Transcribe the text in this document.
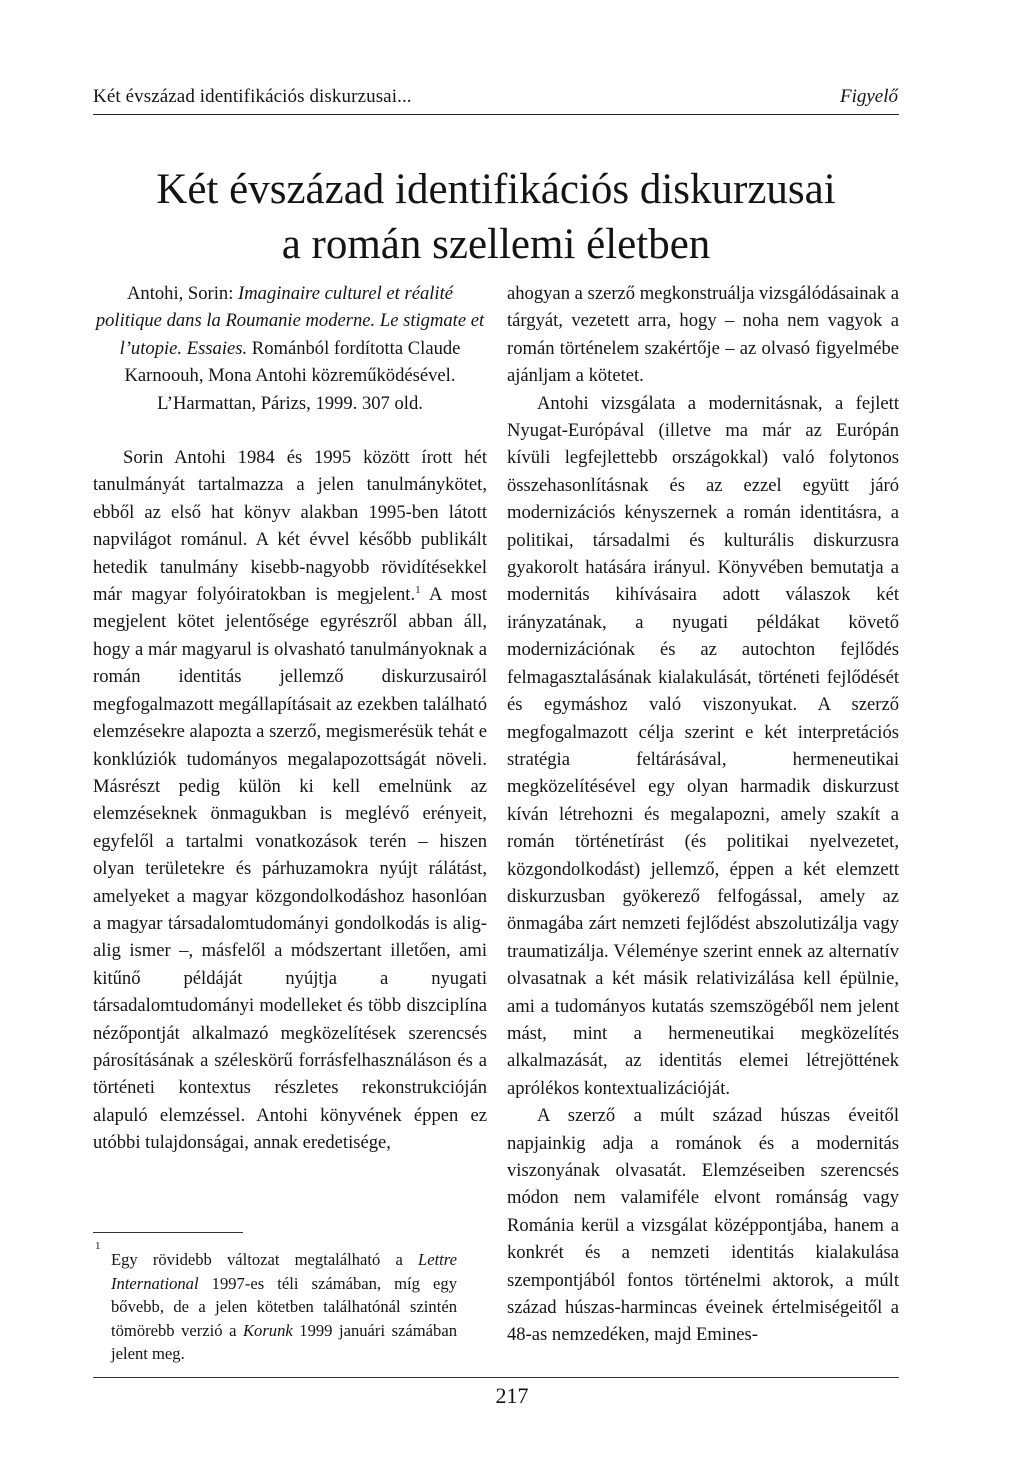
Két évszázad identifikációs diskurzusai...	Figyelő
Két évszázad identifikációs diskurzusai
a román szellemi életben

Antohi, Sorin: Imaginaire culturel et réalité politique dans la Roumanie moderne. Le stigmate et l’utopie. Essaies. Románból fordította Claude Karnoouh, Mona Antohi közreműködésével. L’Harmattan, Párizs, 1999. 307 old.

Sorin Antohi 1984 és 1995 között írott hét tanulmányát tartalmazza a jelen tanulmánykötet, ebből az első hat könyv alakban 1995-ben látott napvilágot románul. A két évvel később publikált hetedik tanulmány kisebb-nagyobb rövidítésekkel már magyar folyóiratokban is megjelent.$^1$ A most megjelent kötet jelentősége egyrészről abban áll, hogy a már magyarul is olvasható tanulmányoknak a román identitás jellemző diskurzusairól megfogalmazott megállapításait az ezekben található elemzésekre alapozta a szerző, megismerésük tehát e konklúziók tudományos megalapozottságát növeli. Másrészt pedig külön ki kell emelnünk az elemzéseknek önmagukban is meglévő erényeit, egyfelől a tartalmi vonatkozások terén – hiszen olyan területekre és párhuzamokra nyújt rálátást, amelyeket a magyar közgondolkodáshoz hasonlóan a magyar társadalomtudományi gondolkodás is alig-alig ismer –, másfelől a módszertant illetően, ami kitűnő példáját nyújtja a nyugati társadalomtudományi modelleket és több diszciplína nézőpontját alkalmazó megközelítések szerencsés párosításának a széleskörű forrásfelhasználáson és a történeti kontextus részletes rekonstrukcióján alapuló elemzéssel. Antohi könyvének éppen ez utóbbi tulajdonságai, annak eredetisége,

ahogyan a szerző megkonstruálja vizsgálódásainak a tárgyát, vezetett arra, hogy – noha nem vagyok a román történelem szakértője – az olvasó figyelmébe ajánljam a kötetet.

Antohi vizsgálata a modernitásnak, a fejlett Nyugat-Európával (illetve ma már az Európán kívüli legfejlettebb országokkal) való folytonos összehasonlításnak és az ezzel együtt járó modernizációs kényszernek a román identitásra, a politikai, társadalmi és kulturális diskurzusra gyakorolt hatására irányul. Könyvében bemutatja a modernitás kihívásaira adott válaszok két irányzatának, a nyugati példákat követő modernizációnak és az autochton fejlődés felmagasztalásának kialakulását, történeti fejlődését és egymáshoz való viszonyukat. A szerző megfogalmazott célja szerint e két interpretációs stratégia feltárásával, hermeneutikai megközelítésével egy olyan harmadik diskurzust kíván létrehozni és megalapozni, amely szakít a román történetírást (és politikai nyelvezetet, közgondolkodást) jellemző, éppen a két elemzett diskurzusban gyökerező felfogással, amely az önmagába zárt nemzeti fejlődést abszolutizálja vagy traumatizálja. Véleménye szerint ennek az alternatív olvasatnak a két másik relativizálása kell épülnie, ami a tudományos kutatás szemszögéből nem jelent mást, mint a hermeneutikai megközelítés alkalmazását, az identitás elemei létrejöttének aprólékos kontextualizációját.

A szerző a múlt század húszas éveitől napjainkig adja a románok és a modernitás viszonyának olvasatát. Elemzéseiben szerencsés módon nem valamiféle elvont románság vagy Románia kerül a vizsgálat középpontjába, hanem a konkrét és a nemzeti identitás kialakulása szempontjából fontos történelmi aktorok, a múlt század húszas-harmincas éveinek értelmiségeitől a 48-as nemzedéken, majd Emines-

1
Egy rövidebb változat megtalálható a Lettre International 1997-es téli számában, míg egy bővebb, de a jelen kötetben találhatónál szintén tömörebb verzió a Korunk 1999 januári számában jelent meg.
217
